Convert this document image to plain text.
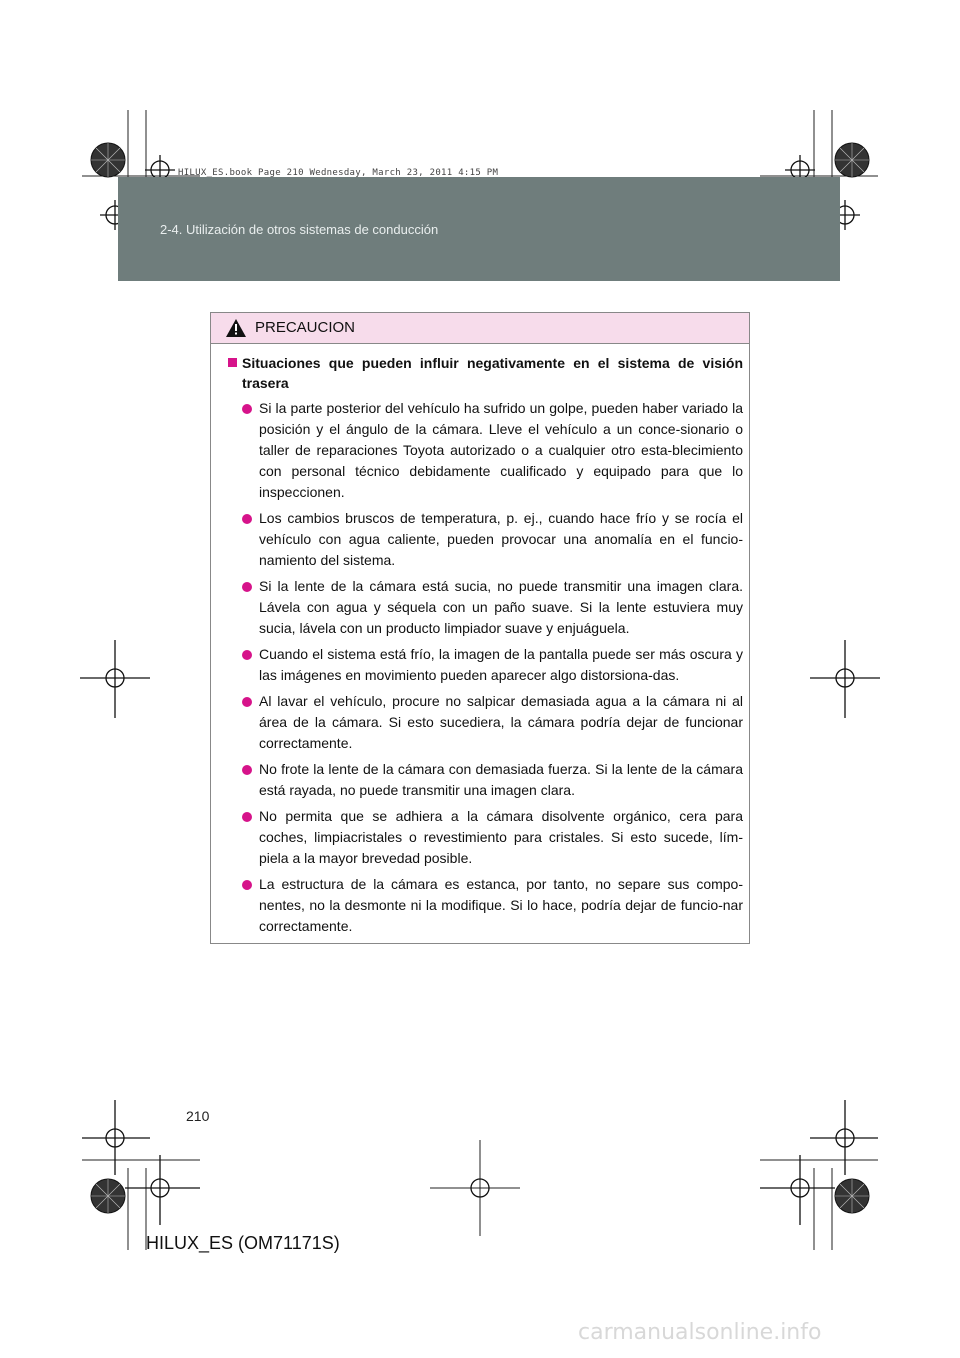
2-4. Utilización de otros sistemas de conducción
HILUX_ES.book Page 210 Wednesday, March 23, 2011 4:15 PM
PRECAUCION
Situaciones que pueden influir negativamente en el sistema de visión trasera
Si la parte posterior del vehículo ha sufrido un golpe, pueden haber variado la posición y el ángulo de la cámara. Lleve el vehículo a un conce-sionario o taller de reparaciones Toyota autorizado o a cualquier otro esta-blecimiento con personal técnico debidamente cualificado y equipado para que lo inspeccionen.
Los cambios bruscos de temperatura, p. ej., cuando hace frío y se rocía el vehículo con agua caliente, pueden provocar una anomalía en el funcio-namiento del sistema.
Si la lente de la cámara está sucia, no puede transmitir una imagen clara. Lávela con agua y séquela con un paño suave. Si la lente estuviera muy sucia, lávela con un producto limpiador suave y enjuáguela.
Cuando el sistema está frío, la imagen de la pantalla puede ser más oscura y las imágenes en movimiento pueden aparecer algo distorsiona-das.
Al lavar el vehículo, procure no salpicar demasiada agua a la cámara ni al área de la cámara. Si esto sucediera, la cámara podría dejar de funcionar correctamente.
No frote la lente de la cámara con demasiada fuerza. Si la lente de la cámara está rayada, no puede transmitir una imagen clara.
No permita que se adhiera a la cámara disolvente orgánico, cera para coches, limpiacristales o revestimiento para cristales. Si esto sucede, lím-piela a la mayor brevedad posible.
La estructura de la cámara es estanca, por tanto, no separe sus compo-nentes, no la desmonte ni la modifique. Si lo hace, podría dejar de funcio-nar correctamente.
210
HILUX_ES (OM71171S)
carmanualsonline.info
